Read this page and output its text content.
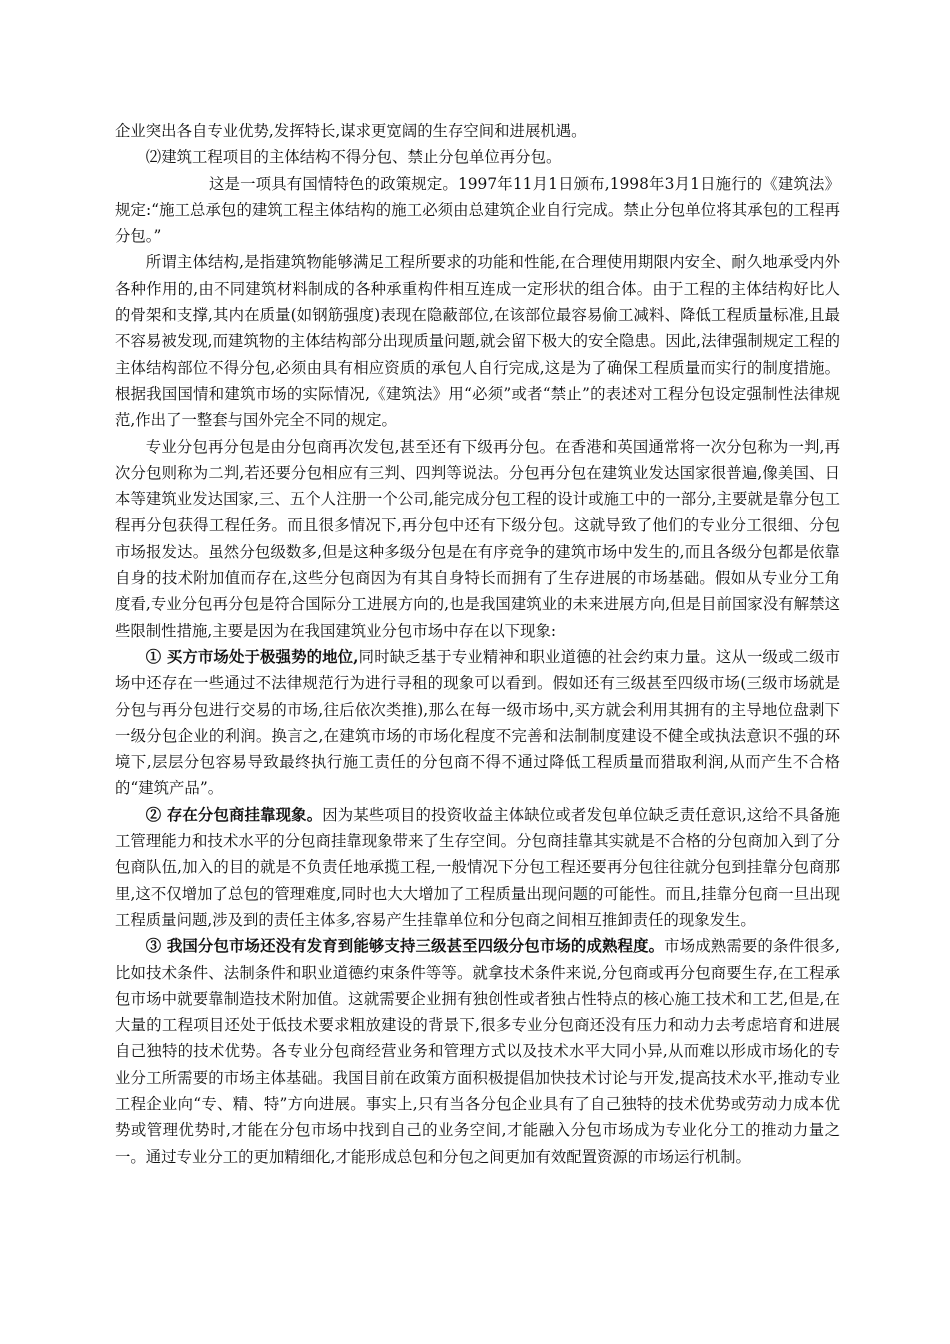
企业突出各自专业优势,发挥特长,谋求更宽阔的生存空间和进展机遇。

⑵建筑工程项目的主体结构不得分包、禁止分包单位再分包。

这是一项具有国情特色的政策规定。1997年11月1日颁布,1998年3月1日施行的《建筑法》规定:“施工总承包的建筑工程主体结构的施工必须由总建筑企业自行完成。禁止分包单位将其承包的工程再分包。”

所谓主体结构,是指建筑物能够满足工程所要求的功能和性能,在合理使用期限内安全、耐久地承受内外各种作用的,由不同建筑材料制成的各种承重构件相互连成一定形状的组合体。由于工程的主体结构好比人的骨架和支撑,其内在质量(如钢筋强度)表现在隐蔽部位,在该部位最容易偷工减料、降低工程质量标准,且最不容易被发现,而建筑物的主体结构部分出现质量问题,就会留下极大的安全隐患。因此,法律强制规定工程的主体结构部位不得分包,必须由具有相应资质的承包人自行完成,这是为了确保工程质量而实行的制度措施。根据我国国情和建筑市场的实际情况,《建筑法》用“必须”或者“禁止”的表述对工程分包设定强制性法律规范,作出了一整套与国外完全不同的规定。

专业分包再分包是由分包商再次发包,甚至还有下级再分包。在香港和英国通常将一次分包称为一判,再次分包则称为二判,若还要分包相应有三判、四判等说法。分包再分包在建筑业发达国家很普遍,像美国、日本等建筑业发达国家,三、五个人注册一个公司,能完成分包工程的设计或施工中的一部分,主要就是靠分包工程再分包获得工程任务。而且很多情况下,再分包中还有下级分包。这就导致了他们的专业分工很细、分包市场报发达。虽然分包级数多,但是这种多级分包是在有序竞争的建筑市场中发生的,而且各级分包都是依靠自身的技术附加值而存在,这些分包商因为有其自身特长而拥有了生存进展的市场基础。假如从专业分工角度看,专业分包再分包是符合国际分工进展方向的,也是我国建筑业的未来进展方向,但是目前国家没有解禁这些限制性措施,主要是因为在我国建筑业分包市场中存在以下现象:

① 买方市场处于极强势的地位,同时缺乏基于专业精神和职业道德的社会约束力量。这从一级或二级市场中还存在一些通过不法律规范行为进行寻租的现象可以看到。假如还有三级甚至四级市场(三级市场就是分包与再分包进行交易的市场,往后依次类推),那么在每一级市场中,买方就会利用其拥有的主导地位盘剥下一级分包企业的利润。换言之,在建筑市场的市场化程度不完善和法制制度建设不健全或执法意识不强的环境下,层层分包容易导致最终执行施工责任的分包商不得不通过降低工程质量而猎取利润,从而产生不合格的“建筑产品”。

② 存在分包商挂靠现象。因为某些项目的投资收益主体缺位或者发包单位缺乏责任意识,这给不具备施工管理能力和技术水平的分包商挂靠现象带来了生存空间。分包商挂靠其实就是不合格的分包商加入到了分包商队伍,加入的目的就是不负责任地承揽工程,一般情况下分包工程还要再分包往往就分包到挂靠分包商那里,这不仅增加了总包的管理难度,同时也大大增加了工程质量出现问题的可能性。而且,挂靠分包商一旦出现工程质量问题,涉及到的责任主体多,容易产生挂靠单位和分包商之间相互推卸责任的现象发生。

③ 我国分包市场还没有发育到能够支持三级甚至四级分包市场的成熟程度。市场成熟需要的条件很多,比如技术条件、法制条件和职业道德约束条件等等。就拿技术条件来说,分包商或再分包商要生存,在工程承包市场中就要靠制造技术附加值。这就需要企业拥有独创性或者独占性特点的核心施工技术和工艺,但是,在大量的工程项目还处于低技术要求粗放建设的背景下,很多专业分包商还没有压力和动力去考虑培育和进展自己独特的技术优势。各专业分包商经营业务和管理方式以及技术水平大同小异,从而难以形成市场化的专业分工所需要的市场主体基础。我国目前在政策方面积极提倡加快技术讨论与开发,提高技术水平,推动专业工程企业向“专、精、特”方向进展。事实上,只有当各分包企业具有了自己独特的技术优势或劳动力成本优势或管理优势时,才能在分包市场中找到自己的业务空间,才能融入分包市场成为专业化分工的推动力量之一。通过专业分工的更加精细化,才能形成总包和分包之间更加有效配置资源的市场运行机制。
